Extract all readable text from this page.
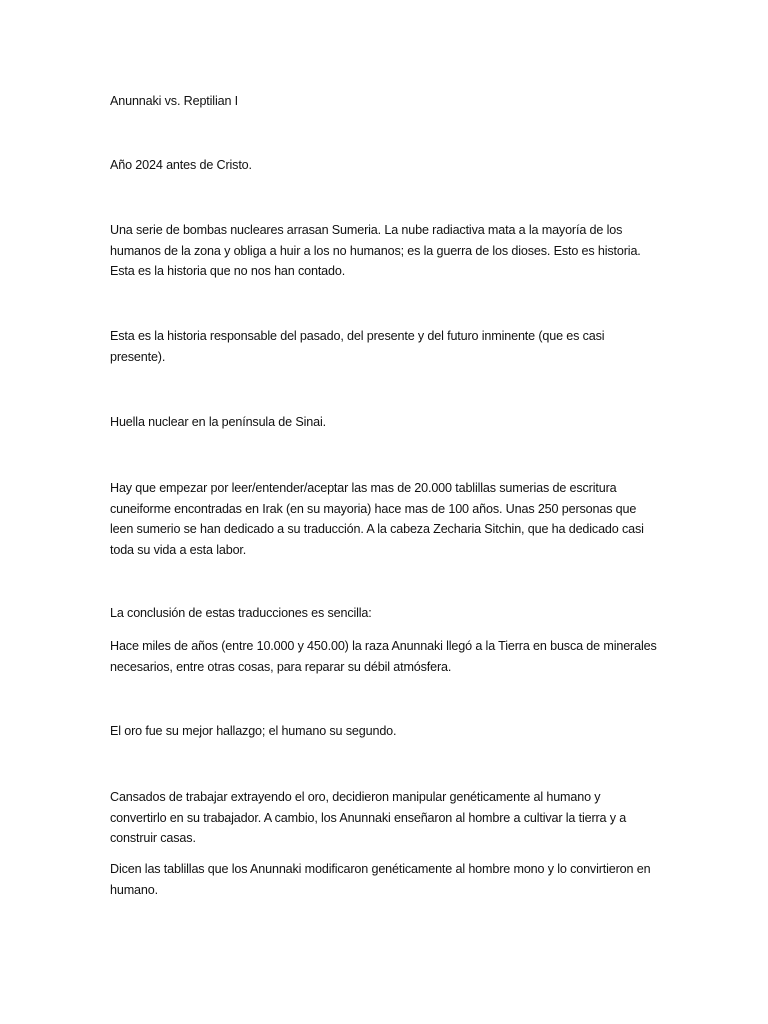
Anunnaki vs. Reptilian I

Año 2024 antes de Cristo.

Una serie de bombas nucleares arrasan Sumeria. La nube radiactiva mata a la mayoría de los humanos de la zona y obliga a huir a los no humanos; es la guerra de los dioses. Esto es historia. Esta es la historia que no nos han contado.

Esta es la historia responsable del pasado, del presente y del futuro inminente (que es casi presente).

Huella nuclear en la península de Sinai.

Hay que empezar por leer/entender/aceptar las mas de 20.000 tablillas sumerias de escritura cuneiforme encontradas en Irak (en su mayoria) hace mas de 100 años. Unas 250 personas que leen sumerio se han dedicado a su traducción. A la cabeza Zecharia Sitchin, que ha dedicado casi toda su vida a esta labor.

La conclusión de estas traducciones es sencilla:

Hace miles de años (entre 10.000 y 450.00) la raza Anunnaki llegó a la Tierra en busca de minerales necesarios, entre otras cosas, para reparar su débil atmósfera.

El oro fue su mejor hallazgo; el humano su segundo.

Cansados de trabajar extrayendo el oro, decidieron manipular genéticamente al humano y convertirlo en su trabajador. A cambio, los Anunnaki enseñaron al hombre a cultivar la tierra y a construir casas.

Dicen las tablillas que los Anunnaki modificaron genéticamente al hombre mono y lo convirtieron en humano.
